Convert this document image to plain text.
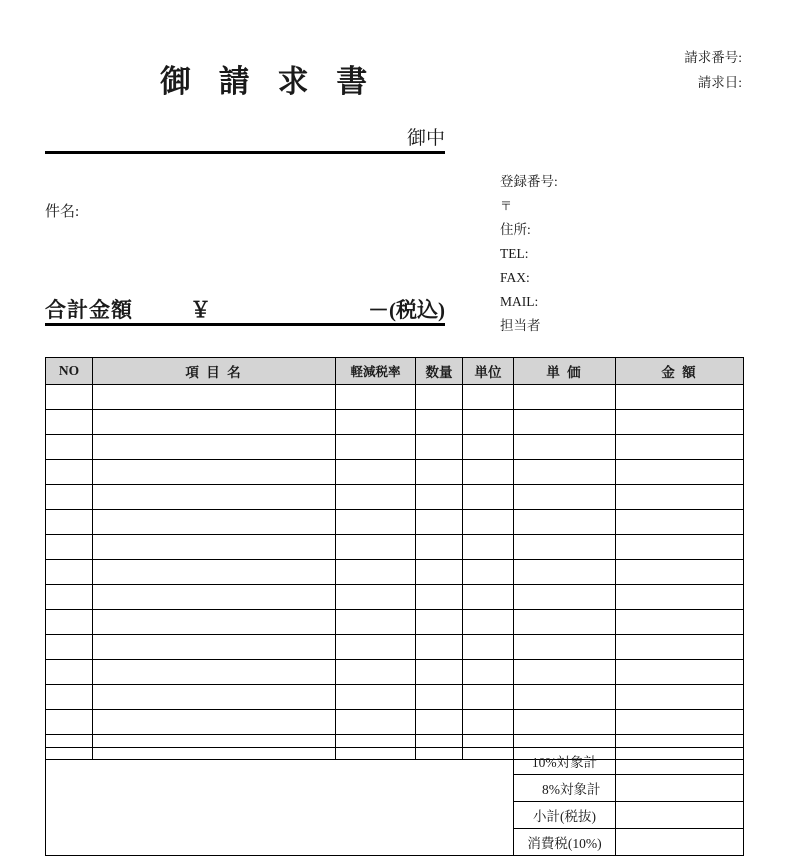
御 請 求 書
請求番号:
請求日:
御中
件名:
登録番号:
〒
住所:
TEL:
FAX:
MAIL:
担当者
合計金額	￥	－(税込)
NO	項 目 名	軽減税率	数量	単位	単 価	金 額

	10%対象計	
	　8%対象計	
	小計(税抜)	
	消費税(10%)	
